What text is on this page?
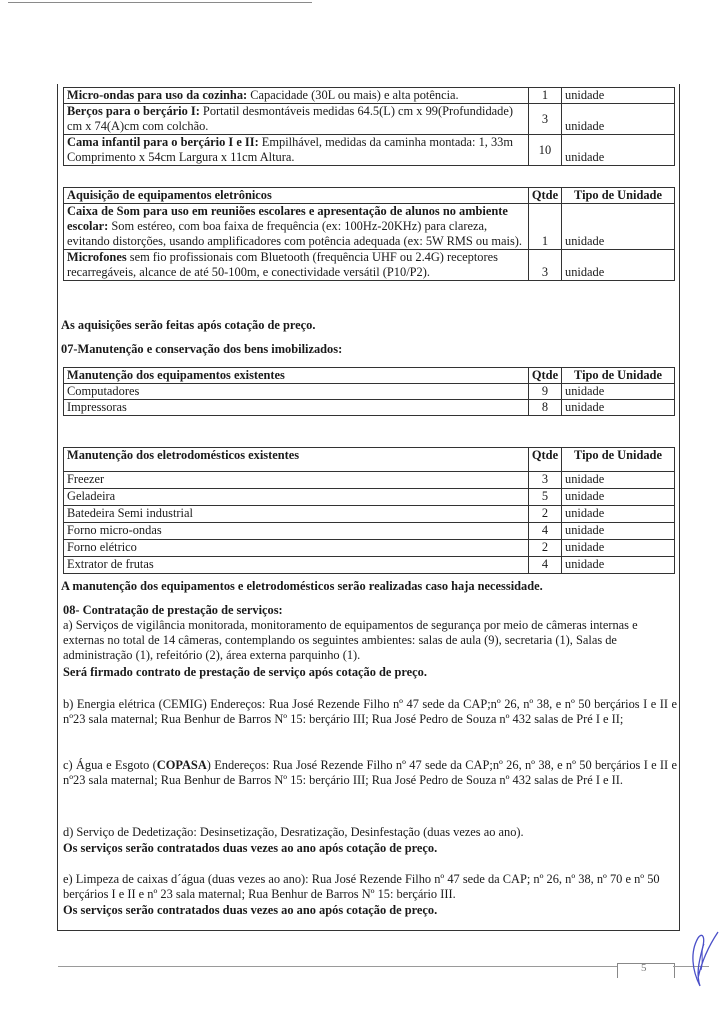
Micro-ondas para uso da cozinha: Capacidade (30L ou mais) e alta potência.	1	unidade
Berços para o berçário I: Portatil desmontáveis medidas 64.5(L) cm x 99(Profundidade) cm x 74(A)cm com colchão.	3	unidade
Cama infantil para o berçário I e II: Empilhável, medidas da caminha montada: 1, 33m Comprimento x 54cm Largura x 11cm Altura.	10	unidade
Aquisição de equipamentos eletrônicos	Qtde	Tipo de Unidade
Caixa de Som para uso em reuniões escolares e apresentação de alunos no ambiente escolar: Som estéreo, com boa faixa de frequência (ex: 100Hz-20KHz) para clareza, evitando distorções, usando amplificadores com potência adequada (ex: 5W RMS ou mais).	1	unidade
Microfones sem fio profissionais com Bluetooth (frequência UHF ou 2.4G) receptores recarregáveis, alcance de até 50-100m, e conectividade versátil (P10/P2).	3	unidade
As aquisições serão feitas após cotação de preço.
07-Manutenção e conservação dos bens imobilizados:
Manutenção dos equipamentos existentes	Qtde	Tipo de Unidade
Computadores	9	unidade
Impressoras	8	unidade
Manutenção dos eletrodomésticos existentes	Qtde	Tipo de Unidade
Freezer	3	unidade
Geladeira	5	unidade
Batedeira Semi industrial	2	unidade
Forno micro-ondas	4	unidade
Forno elétrico	2	unidade
Extrator de frutas	4	unidade
A manutenção dos equipamentos e eletrodomésticos serão realizadas caso haja necessidade.
08- Contratação de prestação de serviços:
a) Serviços de vigilância monitorada, monitoramento de equipamentos de segurança por meio de câmeras internas e externas no total de 14 câmeras, contemplando os seguintes ambientes: salas de aula (9), secretaria (1), Salas de administração (1), refeitório (2), área externa parquinho (1).
Será firmado contrato de prestação de serviço após cotação de preço.
b) Energia elétrica (CEMIG) Endereços: Rua José Rezende Filho nº 47 sede da CAP;nº 26, nº 38, e nº 50 berçários I e II e nº23 sala maternal; Rua Benhur de Barros Nº 15: berçário III; Rua José Pedro de Souza nº 432 salas de Pré I e II;
c) Água e Esgoto (COPASA) Endereços: Rua José Rezende Filho nº 47 sede da CAP;nº 26, nº 38, e nº 50 berçários I e II e nº23 sala maternal; Rua Benhur de Barros Nº 15: berçário III; Rua José Pedro de Souza nº 432 salas de Pré I e II.
d) Serviço de Dedetização: Desinsetização, Desratização, Desinfestação (duas vezes ao ano).
Os serviços serão contratados duas vezes ao ano após cotação de preço.
e) Limpeza de caixas d´água (duas vezes ao ano): Rua José Rezende Filho nº 47 sede da CAP; nº 26, nº 38, nº 70 e nº 50 berçários I e II e nº 23 sala maternal; Rua Benhur de Barros Nº 15: berçário III.
Os serviços serão contratados duas vezes ao ano após cotação de preço.
5
